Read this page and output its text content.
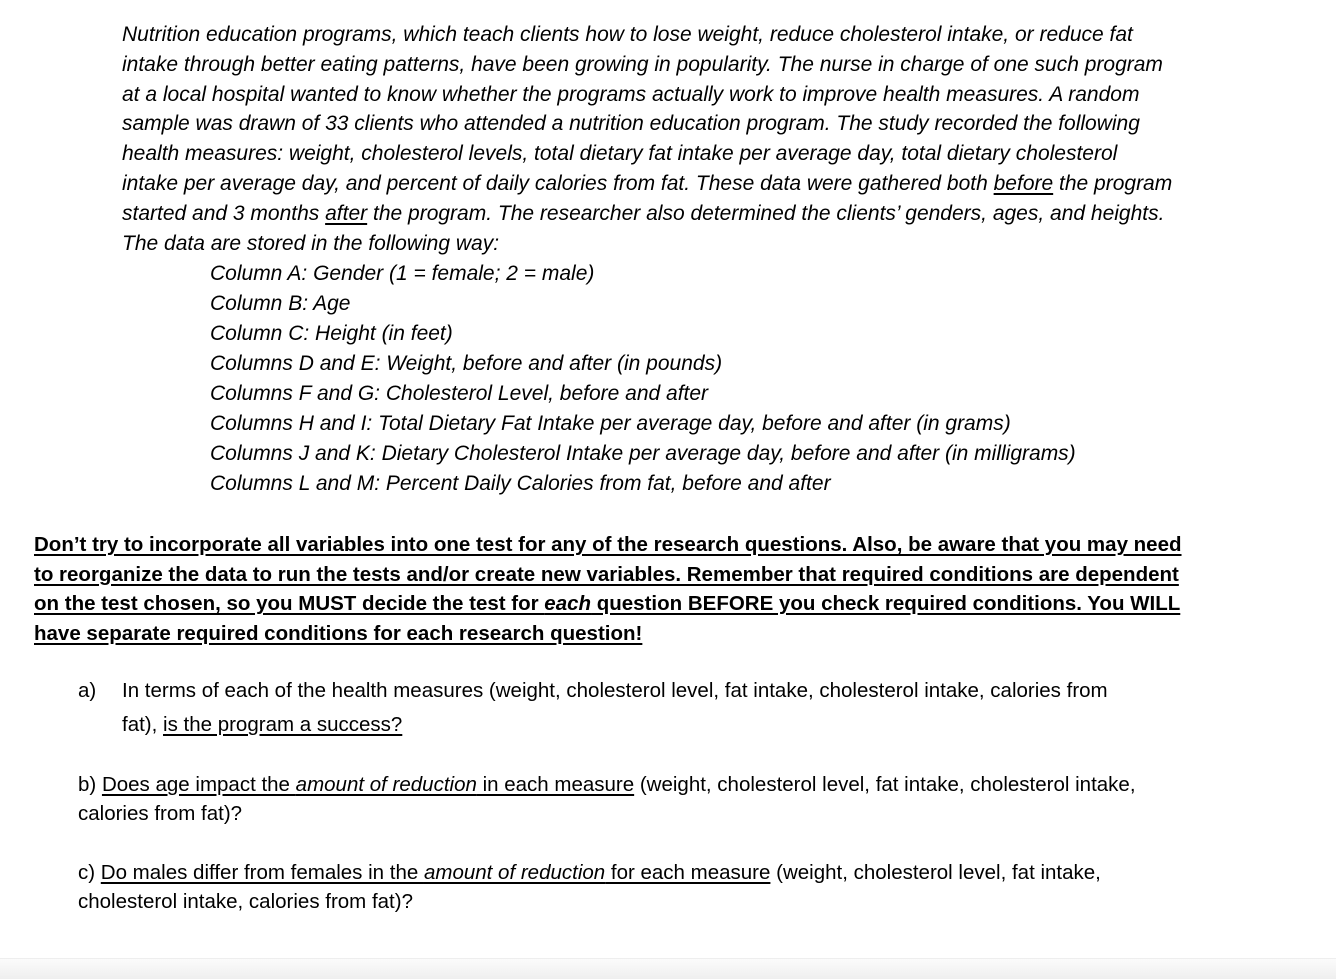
Nutrition education programs, which teach clients how to lose weight, reduce cholesterol intake, or reduce fat
intake through better eating patterns, have been growing in popularity. The nurse in charge of one such program
at a local hospital wanted to know whether the programs actually work to improve health measures. A random
sample was drawn of 33 clients who attended a nutrition education program. The study recorded the following
health measures: weight, cholesterol levels, total dietary fat intake per average day, total dietary cholesterol
intake per average day, and percent of daily calories from fat. These data were gathered both before the program
started and 3 months after the program. The researcher also determined the clients’ genders, ages, and heights.
The data are stored in the following way:

Column A: Gender (1 = female; 2 = male)
Column B: Age
Column C: Height (in feet)
Columns D and E: Weight, before and after (in pounds)
Columns F and G: Cholesterol Level, before and after
Columns H and I: Total Dietary Fat Intake per average day, before and after (in grams)
Columns J and K: Dietary Cholesterol Intake per average day, before and after (in milligrams)
Columns L and M: Percent Daily Calories from fat, before and after

Don’t try to incorporate all variables into one test for any of the research questions. Also, be aware that you may need
to reorganize the data to run the tests and/or create new variables. Remember that required conditions are dependent
on the test chosen, so you MUST decide the test for each question BEFORE you check required conditions. You WILL
have separate required conditions for each research question!

a) In terms of each of the health measures (weight, cholesterol level, fat intake, cholesterol intake, calories from
fat), is the program a success?
b) Does age impact the amount of reduction in each measure (weight, cholesterol level, fat intake, cholesterol intake,
calories from fat)?
c) Do males differ from females in the amount of reduction for each measure (weight, cholesterol level, fat intake,
cholesterol intake, calories from fat)?
